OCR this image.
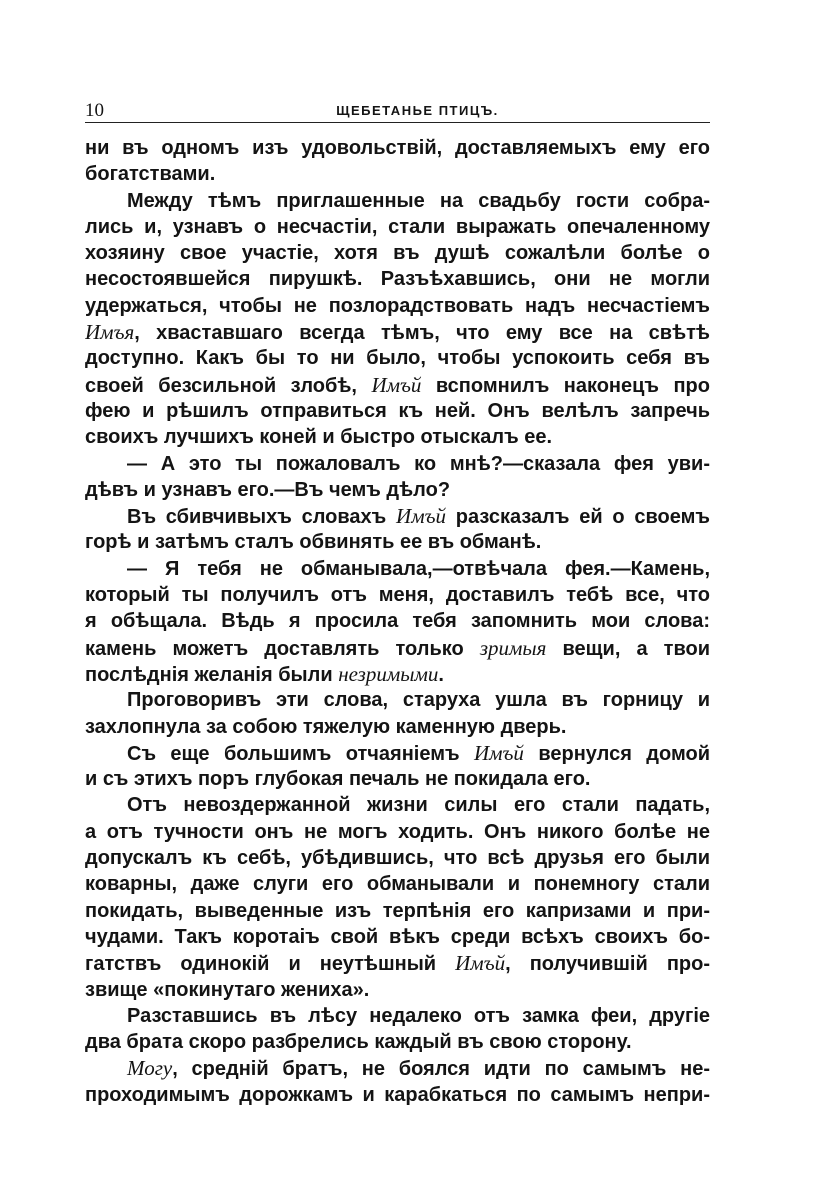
10	ЩЕБЕТАНЬЕ ПТИЦЪ.
ни въ одномъ изъ удовольствій, доставляемыхъ ему его
богатствами.
Между тѣмъ приглашенные на свадьбу гости собра-
лись и, узнавъ о несчастіи, стали выражать опечаленному
хозяину свое участіе, хотя въ душѣ сожалѣли болѣе о
несостоявшейся пирушкѣ. Разъѣхавшись, они не могли
удержаться, чтобы не позлорадствовать надъ несчастіемъ
Имъя, хваставшаго всегда тѣмъ, что ему все на свѣтѣ
доступно. Какъ бы то ни было, чтобы успокоить себя въ
своей безсильной злобѣ, Имъй вспомнилъ наконецъ про
фею и рѣшилъ отправиться къ ней. Онъ велѣлъ запречь
своихъ лучшихъ коней и быстро отыскалъ ее.
— А это ты пожаловалъ ко мнѣ?—сказала фея уви-
дѣвъ и узнавъ его.—Въ чемъ дѣло?
Въ сбивчивыхъ словахъ Имъй разсказалъ ей о своемъ
горѣ и затѣмъ сталъ обвинять ее въ обманѣ.
— Я тебя не обманывала,—отвѣчала фея.—Камень,
который ты получилъ отъ меня, доставилъ тебѣ все, что
я обѣщала. Вѣдь я просила тебя запомнить мои слова:
камень можетъ доставлять только зримыя вещи, а твои
послѣднія желанія были незримыми.
Проговоривъ эти слова, старуха ушла въ горницу и
захлопнула за собою тяжелую каменную дверь.
Съ еще большимъ отчаяніемъ Имъй вернулся домой
и съ этихъ поръ глубокая печаль не покидала его.
Отъ невоздержанной жизни силы его стали падать,
а отъ тучности онъ не могъ ходить. Онъ никого болѣе не
допускалъ къ себѣ, убѣдившись, что всѣ друзья его были
коварны, даже слуги его обманывали и понемногу стали
покидать, выведенные изъ терпѣнія его капризами и при-
чудами. Такъ коротаіъ свой вѣкъ среди всѣхъ своихъ бо-
гатствъ одинокій и неутѣшный Имъй, получившій про-
звище «покинутаго жениха».
Разставшись въ лѣсу недалеко отъ замка феи, другіе
два брата скоро разбрелись каждый въ свою сторону.
Могу, средній братъ, не боялся идти по самымъ не-
проходимымъ дорожкамъ и карабкаться по самымъ непри-
